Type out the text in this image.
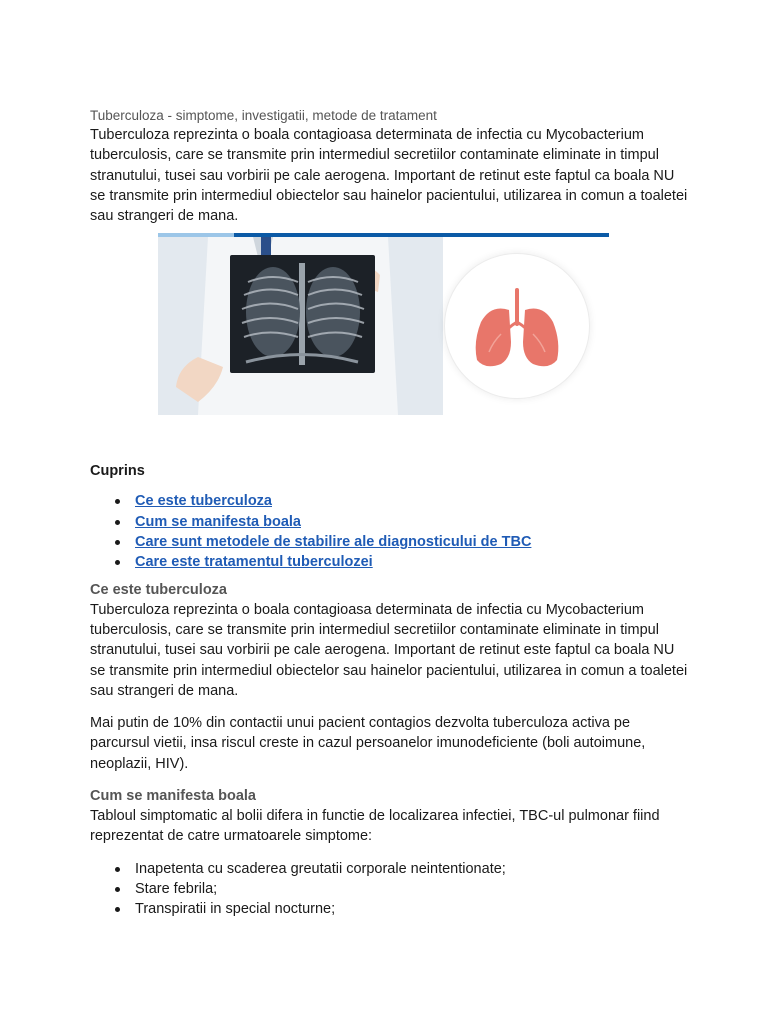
Tuberculoza - simptome, investigatii, metode de tratament

Tuberculoza reprezinta o boala contagioasa determinata de infectia cu Mycobacterium tuberculosis, care se transmite prin intermediul secretiilor contaminate eliminate in timpul stranutului, tusei sau vorbirii pe cale aerogena. Important de retinut este faptul ca boala NU se transmite prin intermediul obiectelor sau hainelor pacientului, utilizarea in comun a toaletei sau strangeri de mana.

Cuprins

Ce este tuberculoza
Cum se manifesta boala
Care sunt metodele de stabilire ale diagnosticului de TBC
Care este tratamentul tuberculozei

Ce este tuberculoza

Tuberculoza reprezinta o boala contagioasa determinata de infectia cu Mycobacterium tuberculosis, care se transmite prin intermediul secretiilor contaminate eliminate in timpul stranutului, tusei sau vorbirii pe cale aerogena. Important de retinut este faptul ca boala NU se transmite prin intermediul obiectelor sau hainelor pacientului, utilizarea in comun a toaletei sau strangeri de mana.

Mai putin de 10% din contactii unui pacient contagios dezvolta tuberculoza activa pe parcursul vietii, insa riscul creste in cazul persoanelor imunodeficiente (boli autoimune, neoplazii, HIV).

Cum se manifesta boala

Tabloul simptomatic al bolii difera in functie de localizarea infectiei, TBC-ul pulmonar fiind reprezentat de catre urmatoarele simptome:

Inapetenta cu scaderea greutatii corporale neintentionate;
Stare febrila;
Transpiratii in special nocturne;
